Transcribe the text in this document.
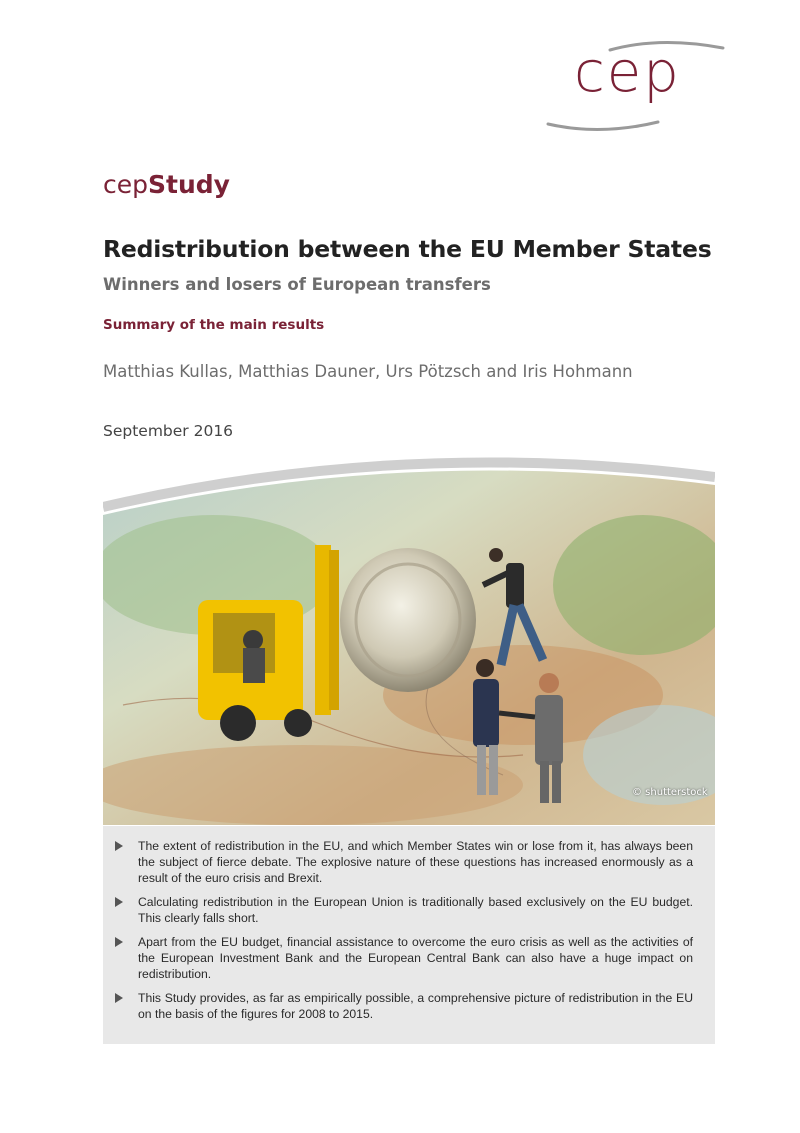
cep
cepStudy
Redistribution between the EU Member States
Winners and losers of European transfers
Summary of the main results
Matthias Kullas, Matthias Dauner, Urs Pötzsch and Iris Hohmann
September 2016
© shutterstock
The extent of redistribution in the EU, and which Member States win or lose from it, has always been the subject of fierce debate. The explosive nature of these questions has increased enormously as a result of the euro crisis and Brexit.
Calculating redistribution in the European Union is traditionally based exclusively on the EU budget. This clearly falls short.
Apart from the EU budget, financial assistance to overcome the euro crisis as well as the activities of the European Investment Bank and the European Central Bank can also have a huge impact on redistribution.
This Study provides, as far as empirically possible, a comprehensive picture of redistribution in the EU on the basis of the figures for 2008 to 2015.
